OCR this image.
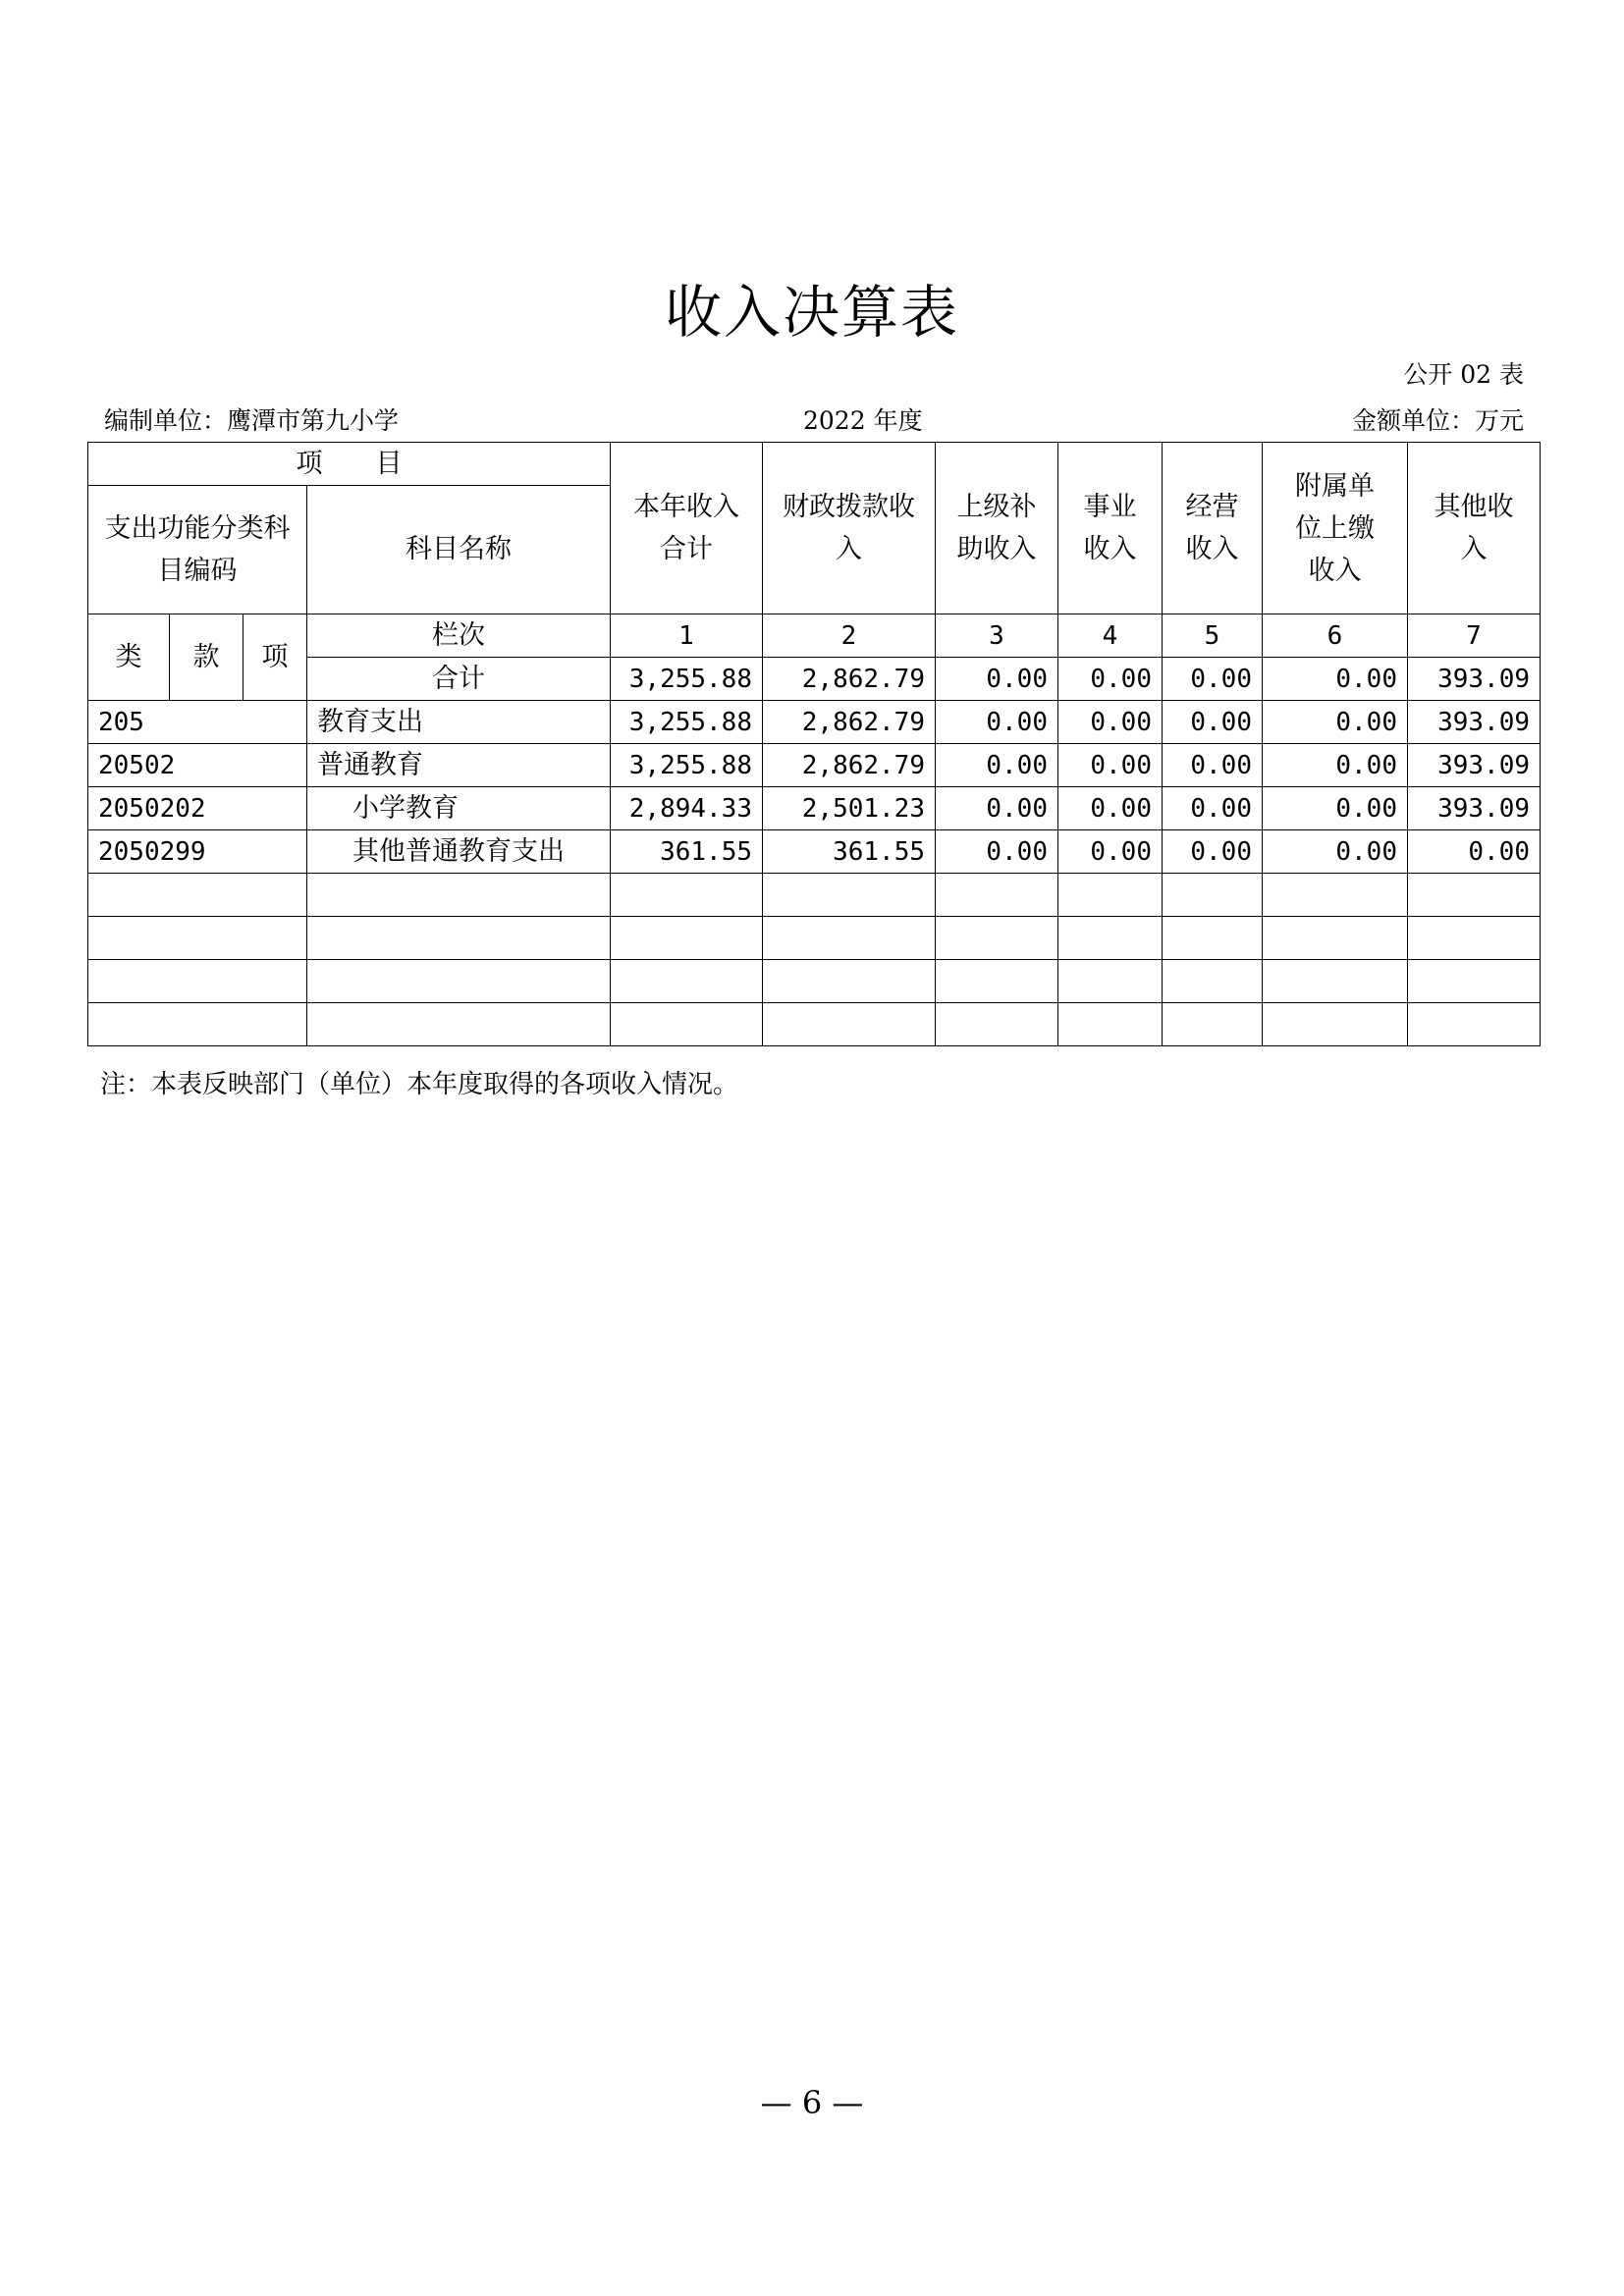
收入决算表
公开 02 表
编制单位：鹰潭市第九小学	2022 年度	金额单位：万元
项　　目				本年收入合计	财政拨款收入	上级补助收入	事业收入	经营收入	附属单位上缴收入	其他收入
支出功能分类科目编码			科目名称							
类	款	项	栏次	1	2	3	4	5	6	7
			合计	3,255.88	2,862.79	0.00	0.00	0.00	0.00	393.09
205			教育支出	3,255.88	2,862.79	0.00	0.00	0.00	0.00	393.09
20502			普通教育	3,255.88	2,862.79	0.00	0.00	0.00	0.00	393.09
2050202			小学教育	2,894.33	2,501.23	0.00	0.00	0.00	0.00	393.09
2050299			其他普通教育支出	361.55	361.55	0.00	0.00	0.00	0.00	0.00

注：本表反映部门（单位）本年度取得的各项收入情况。
— 6 —
